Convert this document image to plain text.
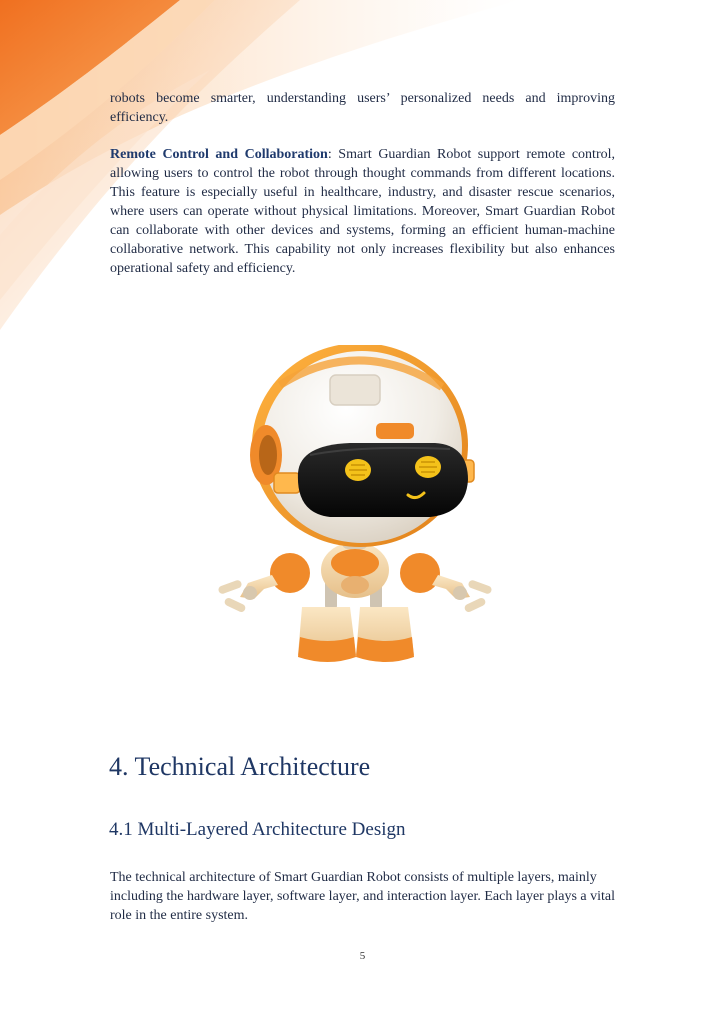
robots become smarter, understanding users’ personalized needs and improving efficiency.

Remote Control and Collaboration: Smart Guardian Robot support remote control, allowing users to control the robot through thought commands from different locations. This feature is especially useful in healthcare, industry, and disaster rescue scenarios, where users can operate without physical limitations. Moreover, Smart Guardian Robot can collaborate with other devices and systems, forming an efficient human-machine collaborative network. This capability not only increases flexibility but also enhances operational safety and efficiency.

4. Technical Architecture
4.1 Multi-Layered Architecture Design

The technical architecture of Smart Guardian Robot consists of multiple layers, mainly including the hardware layer, software layer, and interaction layer. Each layer plays a vital role in the entire system.

5
